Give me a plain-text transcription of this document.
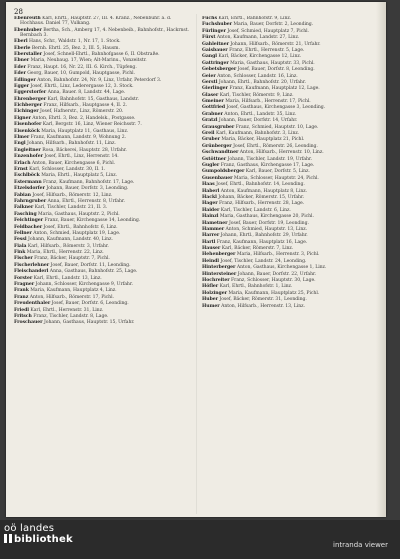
28

Ebenreuth Karl, Ehrtl., Hauptstr. 27, III. 4. Kranz., Nebenbuhr. a. d. Hochhaus. Daniel 77, Vulkang.

Ebenhuber Bertha, Sch., Amberg 17, 4. Nebenbeib., Bahnhofstr., Hackrnst. Bernbach 3.

Eberl Hans, Schr., Waldstr. 1, Nr. 17, 1. Stock.

Eberle Bernh. Ehrtl. 25, Bez. 2, III. 5, Hausm.

Eberstaller Josef, Schnell-Ehrtl., Bahnhofgasse 6, II. Obstraße.

Ebner Maria, Neubaug. 17, Wien; Alt-Marinu., Vonzeitstr.

Eder Franz, Haupt. 16, Nr. 22, III. 6. Kirch., Tüpfeng.

Eder Georg, Bauer, 10, Gumpold, Hauptgasse, Pichl.

Edlinger Anton, Bahnhofstr. 24, Nr. 9, Linz, Urfahr, Peterdorf 3.

Egger Josef, Ehrtl., Linz, Lederergasse 12, 3. Stock.

Eggerstorfer Anna, Bauer. 8, Landstr. 44, Lage.

Ehrenberger Karl, Bahnhofstr. 15, Gasthaus, Landstr.

Eichberger Franz, Hilfsarb., Hauptgasse 4, II. 2.

Eichinger Josef, Hafnerstr., Linz, Römerstr. 20.

Eigner Anton, Ehrtl. 3, Bez. 2, Handelsk., Postgasse.

Eisenhofer Karl, Bergstr. 16, Linz, Wiener Reichsstr. 7.

Eisenköck Maria, Hauptplatz 11, Gasthaus, Linz.

Elmer Franz, Kaufmann, Landstr. 9, Wohnung 2.

Engl Johann, Hilfsarb., Bahnhofstr. 11, Linz.

Engleitner Rosa, Bäckerei, Hauptstr. 28, Urfahr.

Enzenhofer Josef, Ehrtl., Linz, Herrenstr. 14.

Erlach Anton, Bauer, Kirchengasse 6, Pichl.

Ernst Karl, Schlosser, Landstr. 30, II. 1.

Eschlböck Maria, Ehrtl., Hauptplatz 5, Linz.

Estermann Franz, Kaufmann, Bahnhofstr. 17, Lage.

Etzelsdorfer Johann, Bauer, Dorfstr. 3, Leonding.

Fabian Josef, Hilfsarb., Römerstr. 12, Linz.

Fahrngruber Anna, Ehrtl., Herrenstr. 8, Urfahr.

Falkner Karl, Tischler, Landstr. 21, II. 3.

Fasching Maria, Gasthaus, Hauptstr. 2, Pichl.

Feichtinger Franz, Bauer, Kirchengasse 14, Leonding.

Feldbacher Josef, Ehrtl., Bahnhofstr. 6, Linz.

Fellner Anton, Schmied, Hauptplatz 19, Lage.

Fessl Johann, Kaufmann, Landstr. 40, Linz.

Fiala Karl, Hilfsarb., Römerstr. 3, Urfahr.

Fink Maria, Ehrtl., Herrenstr. 22, Linz.

Fischer Franz, Bäcker, Hauptstr. 7, Pichl.

Fischerlehner Josef, Bauer, Dorfstr. 11, Leonding.

Fleischanderl Anna, Gasthaus, Bahnhofstr. 25, Lage.

Forster Karl, Ehrtl., Landstr. 13, Linz.

Fragner Johann, Schlosser, Kirchengasse 9, Urfahr.

Frank Maria, Kaufmann, Hauptplatz 4, Linz.

Franz Anton, Hilfsarb., Römerstr. 17, Pichl.

Freudenthaler Josef, Bauer, Dorfstr. 6, Leonding.

Friedl Karl, Ehrtl., Herrenstr. 31, Linz.

Fritsch Franz, Tischler, Landstr. 8, Lage.

Froschauer Johann, Gasthaus, Hauptstr. 15, Urfahr.

Fuchs Karl, Ehrtl., Bahnhofstr. 9, Linz.

Fuchshuber Maria, Bauer, Dorfstr. 2, Leonding.

Fürlinger Josef, Schmied, Hauptplatz 7, Pichl.

Fürst Anton, Kaufmann, Landstr. 27, Linz.

Gahleitner Johann, Hilfsarb., Römerstr. 21, Urfahr.

Gaisbauer Franz, Ehrtl., Herrenstr. 5, Lage.

Gangl Karl, Bäcker, Kirchengasse 12, Linz.

Gattringer Maria, Gasthaus, Hauptstr. 33, Pichl.

Gebetsberger Josef, Bauer, Dorfstr. 8, Leonding.

Geier Anton, Schlosser, Landstr. 16, Linz.

Gerstl Johann, Ehrtl., Bahnhofstr. 20, Urfahr.

Gierlinger Franz, Kaufmann, Hauptplatz 12, Lage.

Glaser Karl, Tischler, Römerstr. 9, Linz.

Gmeiner Maria, Hilfsarb., Herrenstr. 17, Pichl.

Gottfried Josef, Gasthaus, Kirchengasse 3, Leonding.

Grabner Anton, Ehrtl., Landstr. 35, Linz.

Gratzl Johann, Bauer, Dorfstr. 14, Urfahr.

Grausgruber Franz, Schmied, Hauptstr. 10, Lage.

Greil Karl, Kaufmann, Bahnhofstr. 3, Linz.

Gruber Maria, Bäcker, Hauptplatz 21, Pichl.

Grünberger Josef, Ehrtl., Römerstr. 26, Leonding.

Gschwandtner Anton, Hilfsarb., Herrenstr. 10, Linz.

Gstöttner Johann, Tischler, Landstr. 19, Urfahr.

Gugler Franz, Gasthaus, Kirchengasse 17, Lage.

Gumpoldsberger Karl, Bauer, Dorfstr. 5, Linz.

Gusenbauer Maria, Schlosser, Hauptstr. 24, Pichl.

Haas Josef, Ehrtl., Bahnhofstr. 14, Leonding.

Haberl Anton, Kaufmann, Hauptplatz 8, Linz.

Hackl Johann, Bäcker, Römerstr. 15, Urfahr.

Hager Franz, Hilfsarb., Herrenstr. 28, Lage.

Haider Karl, Tischler, Landstr. 6, Linz.

Hainzl Maria, Gasthaus, Kirchengasse 20, Pichl.

Hametner Josef, Bauer, Dorfstr. 19, Leonding.

Hammer Anton, Schmied, Hauptstr. 13, Linz.

Harrer Johann, Ehrtl., Bahnhofstr. 29, Urfahr.

Hartl Franz, Kaufmann, Hauptplatz 16, Lage.

Hauser Karl, Bäcker, Römerstr. 7, Linz.

Hehenberger Maria, Hilfsarb., Herrenstr. 3, Pichl.

Heindl Josef, Tischler, Landstr. 24, Leonding.

Hinterberger Anton, Gasthaus, Kirchengasse 1, Linz.

Hintersteiner Johann, Bauer, Dorfstr. 22, Urfahr.

Hochreiter Franz, Schlosser, Hauptstr. 30, Lage.

Höfler Karl, Ehrtl., Bahnhofstr. 1, Linz.

Holzinger Maria, Kaufmann, Hauptplatz 25, Pichl.

Huber Josef, Bäcker, Römerstr. 31, Leonding.

Humer Anton, Hilfsarb., Herrenstr. 13, Linz.

oö landes
bibliothek	intranda viewer
